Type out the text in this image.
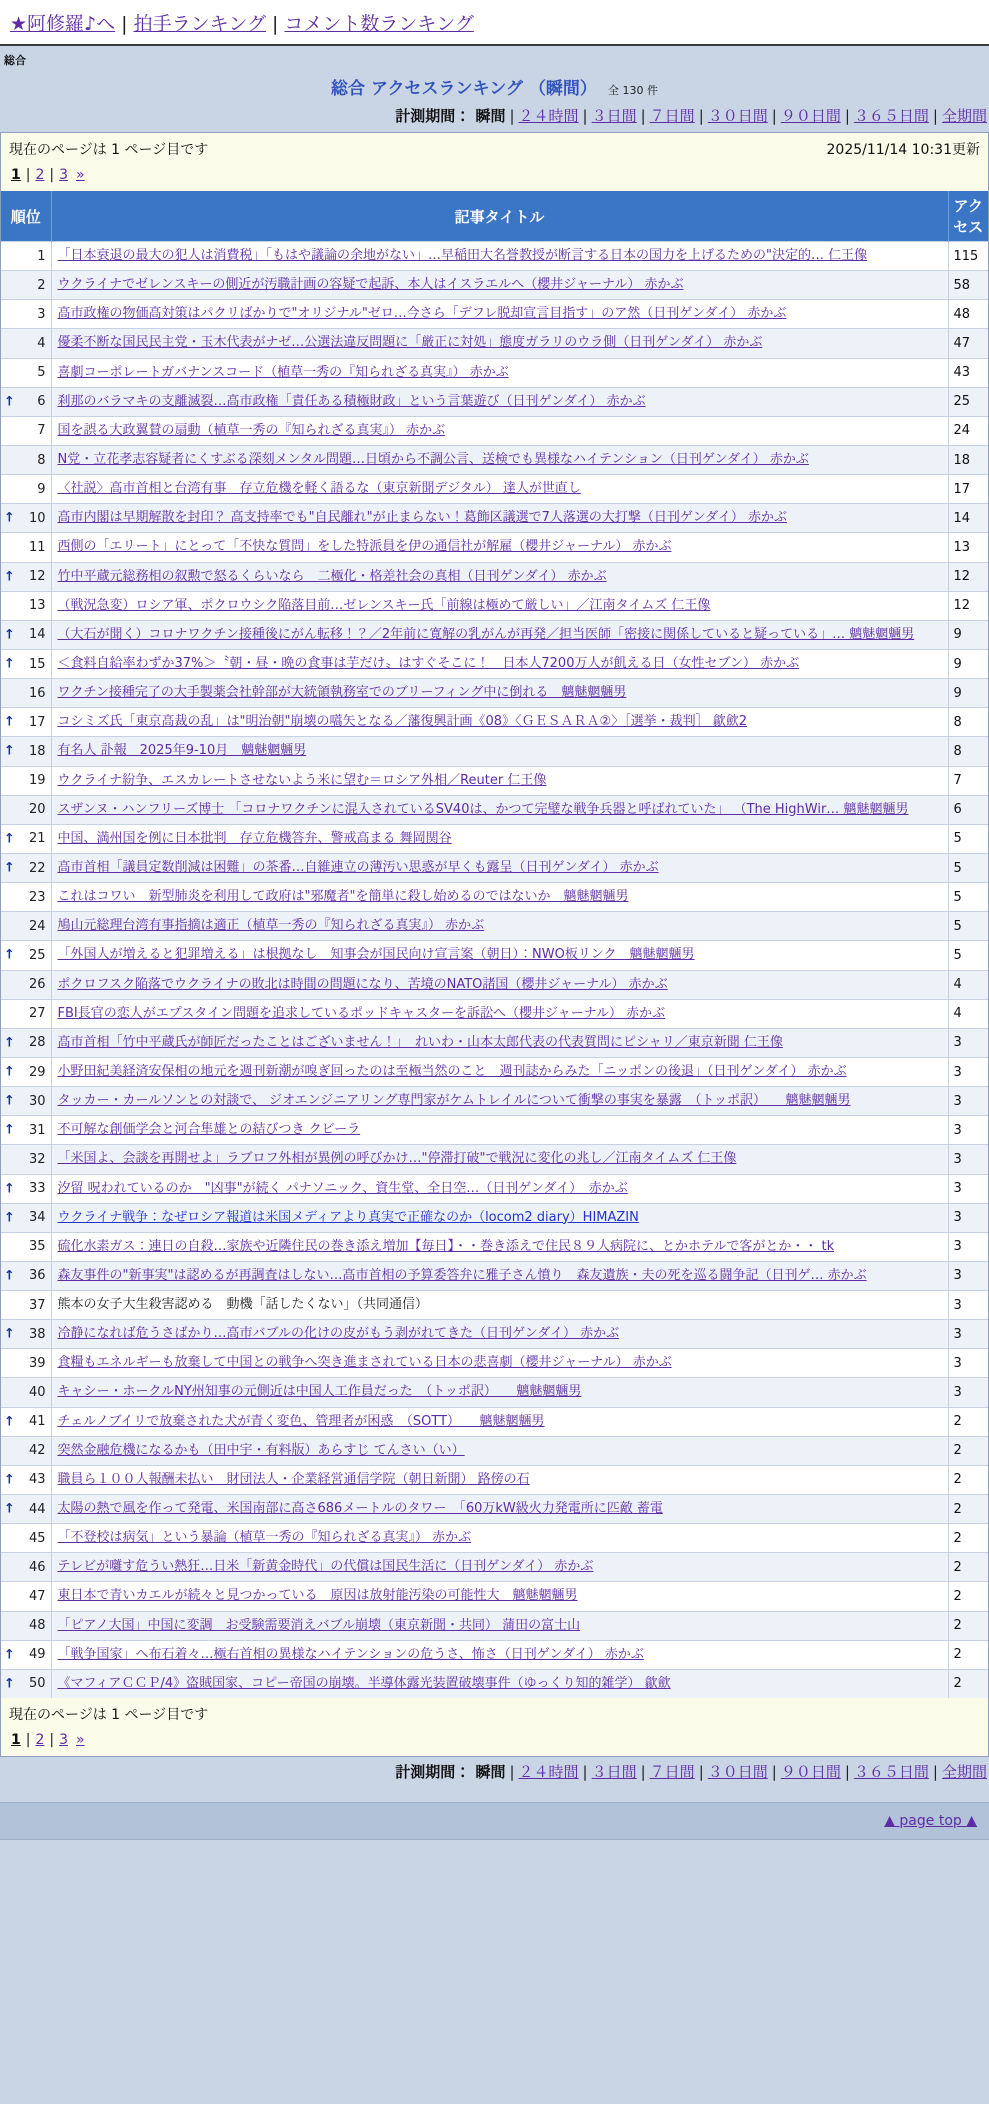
★阿修羅♪へ | 拍手ランキング | コメント数ランキング
総合
総合 アクセスランキング （瞬間） 全 130 件
計測期間： 瞬間 | ２４時間 | ３日間 | ７日間 | ３０日間 | ９０日間 | ３６５日間 | 全期間
現在のページは 1 ページ目です	2025/11/14 10:31更新
1 | 2 | 3 »
順位	記事タイトル	アクセス
1	「日本衰退の最大の犯人は消費税」「もはや議論の余地がない」…早稲田大名誉教授が断言する日本の国力を上げるための"決定的… 仁王像	115
2	ウクライナでゼレンスキーの側近が汚職計画の容疑で起訴、本人はイスラエルへ（櫻井ジャーナル） 赤かぶ	58
3	高市政権の物価高対策はパクリばかりで"オリジナル"ゼロ…今さら「デフレ脱却宣言目指す」のア然（日刊ゲンダイ） 赤かぶ	48
4	優柔不断な国民民主党・玉木代表がナゼ…公選法違反問題に「厳正に対処」態度ガラリのウラ側（日刊ゲンダイ） 赤かぶ	47
5	喜劇コーポレートガバナンスコード（植草一秀の『知られざる真実』） 赤かぶ	43

↑ 6	刹那のバラマキの支離滅裂…高市政権「責任ある積極財政」という言葉遊び（日刊ゲンダイ） 赤かぶ	25
7	国を誤る大政翼賛の扇動（植草一秀の『知られざる真実』） 赤かぶ	24
8	N党・立花孝志容疑者にくすぶる深刻メンタル問題…日頃から不調公言、送検でも異様なハイテンション（日刊ゲンダイ） 赤かぶ	18
9	〈社説〉高市首相と台湾有事　存立危機を軽く語るな（東京新聞デジタル） 達人が世直し	17

↑ 10	高市内閣は早期解散を封印？ 高支持率でも"自民離れ"が止まらない！葛飾区議選で7人落選の大打撃（日刊ゲンダイ） 赤かぶ	14
11	西側の「エリート」にとって「不快な質問」をした特派員を伊の通信社が解雇（櫻井ジャーナル） 赤かぶ	13

↑ 12	竹中平蔵元総務相の叙勲で怒るくらいなら　二極化・格差社会の真相（日刊ゲンダイ） 赤かぶ	12
13	（戦況急変）ロシア軍、ポクロウシク陥落目前…ゼレンスキー氏「前線は極めて厳しい」／江南タイムズ 仁王像	12

↑ 14	（大石が聞く）コロナワクチン接種後にがん転移！？／2年前に寛解の乳がんが再発／担当医師「密接に関係していると疑っている」… 魑魅魍魎男	9

↑ 15	＜食料自給率わずか37%＞〝朝・昼・晩の食事は芋だけ〟はすぐそこに！　日本人7200万人が飢える日（女性セブン） 赤かぶ	9
16	ワクチン接種完了の大手製薬会社幹部が大統領執務室でのブリーフィング中に倒れる　魑魅魍魎男	9

↑ 17	コシミズ氏「東京高裁の乱」は"明治朝"崩壊の嚆矢となる／藩復興計画《08》〈ＧＥＳＡＲＡ②〉［選挙・裁判］ 歙歛2	8

↑ 18	有名人 訃報　2025年9-10月　魑魅魍魎男	8
19	ウクライナ紛争、エスカレートさせないよう米に望む＝ロシア外相／Reuter 仁王像	7
20	スザンヌ・ハンフリーズ博士 「コロナワクチンに混入されているSV40は、かつて完璧な戦争兵器と呼ばれていた」 （The HighWir… 魑魅魍魎男	6

↑ 21	中国、満州国を例に日本批判　存立危機答弁、警戒高まる 舞岡関谷	5

↑ 22	高市首相「議員定数削減は困難」の茶番…自維連立の薄汚い思惑が早くも露呈（日刊ゲンダイ） 赤かぶ	5
23	これはコワい　新型肺炎を利用して政府は"邪魔者"を簡単に殺し始めるのではないか　魑魅魍魎男	5
24	鳩山元総理台湾有事指摘は適正（植草一秀の『知られざる真実』） 赤かぶ	5

↑ 25	「外国人が増えると犯罪増える」は根拠なし　知事会が国民向け宣言案（朝日）：NWO板リンク　魑魅魍魎男	5
26	ポクロフスク陥落でウクライナの敗北は時間の問題になり、苦境のNATO諸国（櫻井ジャーナル） 赤かぶ	4
27	FBI長官の恋人がエプスタイン問題を追求しているポッドキャスターを訴訟へ（櫻井ジャーナル） 赤かぶ	4

↑ 28	高市首相「竹中平蔵氏が師匠だったことはございません！」　れいわ・山本太郎代表の代表質問にピシャリ／東京新聞 仁王像	3

↑ 29	小野田紀美経済安保相の地元を週刊新潮が嗅ぎ回ったのは至極当然のこと　週刊誌からみた「ニッポンの後退」（日刊ゲンダイ） 赤かぶ	3

↑ 30	タッカー・カールソンとの対談で、 ジオエンジニアリング専門家がケムトレイルについて衝撃の事実を暴露　（トッポ訳）　　魑魅魍魎男	3

↑ 31	不可解な創価学会と河合隼雄との結びつき クビーラ	3
32	「米国よ、会談を再開せよ」ラブロフ外相が異例の呼びかけ…"停滞打破"で戦況に変化の兆し／江南タイムズ 仁王像	3

↑ 33	汐留 呪われているのか　"凶事"が続く パナソニック、資生堂、全日空…（日刊ゲンダイ）　赤かぶ	3

↑ 34	ウクライナ戦争：なぜロシア報道は米国メディアより真実で正確なのか（locom2 diary）HIMAZIN	3
35	硫化水素ガス：連日の自殺…家族や近隣住民の巻き添え増加【毎日】・・巻き添えで住民８９人病院に、とかホテルで客がとか・・ tk	3

↑ 36	森友事件の"新事実"は認めるが再調査はしない…高市首相の予算委答弁に雅子さん憤り　森友遺族・夫の死を巡る闘争記（日刊ゲ… 赤かぶ	3
37	熊本の女子大生殺害認める　動機「話したくない」（共同通信）	3

↑ 38	冷静になれば危うさばかり…高市バブルの化けの皮がもう剥がれてきた（日刊ゲンダイ） 赤かぶ	3
39	食糧もエネルギーも放棄して中国との戦争へ突き進まされている日本の悲喜劇（櫻井ジャーナル） 赤かぶ	3
40	キャシー・ホークルNY州知事の元側近は中国人工作員だった　（トッポ訳）　　魑魅魍魎男	3

↑ 41	チェルノブイリで放棄された犬が青く変色、管理者が困惑　（SOTT）　　魑魅魍魎男	2
42	突然金融危機になるかも（田中宇・有料版）あらすじ てんさい（い）	2

↑ 43	職員ら１００人報酬未払い　財団法人・企業経営通信学院（朝日新聞） 路傍の石	2

↑ 44	太陽の熱で風を作って発電、米国南部に高さ686メートルのタワー　「60万kW級火力発電所に匹敵 蓄電	2
45	「不登校は病気」という暴論（植草一秀の『知られざる真実』） 赤かぶ	2
46	テレビが囃す危うい熱狂…日米「新黄金時代」の代償は国民生活に（日刊ゲンダイ） 赤かぶ	2
47	東日本で青いカエルが続々と見つかっている　原因は放射能汚染の可能性大　魑魅魍魎男	2
48	「ピアノ大国」中国に変調　お受験需要消えバブル崩壊（東京新聞・共同） 蒲田の富士山	2

↑ 49	「戦争国家」へ布石着々…極右首相の異様なハイテンションの危うさ、怖さ（日刊ゲンダイ） 赤かぶ	2

↑ 50	《マフィアＣＣＰ/4》盗賊国家、コピー帝国の崩壊。半導体露光装置破壊事件（ゆっくり知的雑学） 歙歛	2
現在のページは 1 ページ目です
1 | 2 | 3 »
計測期間： 瞬間 | ２４時間 | ３日間 | ７日間 | ３０日間 | ９０日間 | ３６５日間 | 全期間
▲ page top ▲
